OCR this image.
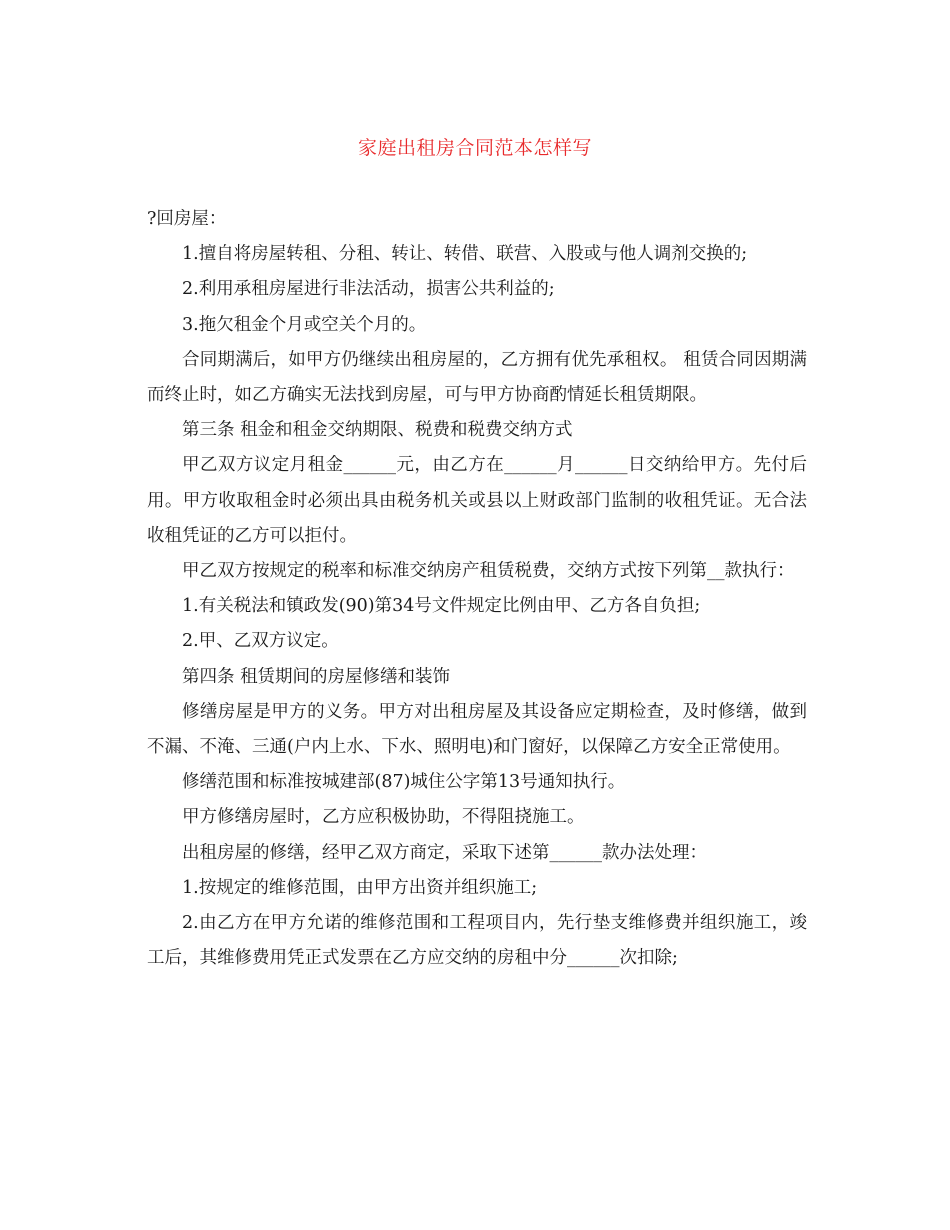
家庭出租房合同范本怎样写

?回房屋：

1.擅自将房屋转租、分租、转让、转借、联营、入股或与他人调剂交换的;

2.利用承租房屋进行非法活动，损害公共利益的;

3.拖欠租金个月或空关个月的。

合同期满后，如甲方仍继续出租房屋的，乙方拥有优先承租权。 租赁合同因期满而终止时，如乙方确实无法找到房屋，可与甲方协商酌情延长租赁期限。

第三条 租金和租金交纳期限、税费和税费交纳方式

甲乙双方议定月租金______元，由乙方在______月______日交纳给甲方。先付后用。甲方收取租金时必须出具由税务机关或县以上财政部门监制的收租凭证。无合法收租凭证的乙方可以拒付。

甲乙双方按规定的税率和标准交纳房产租赁税费，交纳方式按下列第__款执行：

1.有关税法和镇政发(90)第34号文件规定比例由甲、乙方各自负担;

2.甲、乙双方议定。

第四条 租赁期间的房屋修缮和装饰

修缮房屋是甲方的义务。甲方对出租房屋及其设备应定期检查，及时修缮，做到不漏、不淹、三通(户内上水、下水、照明电)和门窗好，以保障乙方安全正常使用。

修缮范围和标准按城建部(87)城住公字第13号通知执行。

甲方修缮房屋时，乙方应积极协助，不得阻挠施工。

出租房屋的修缮，经甲乙双方商定，采取下述第______款办法处理：

1.按规定的维修范围，由甲方出资并组织施工;

2.由乙方在甲方允诺的维修范围和工程项目内，先行垫支维修费并组织施工，竣工后，其维修费用凭正式发票在乙方应交纳的房租中分______次扣除;
